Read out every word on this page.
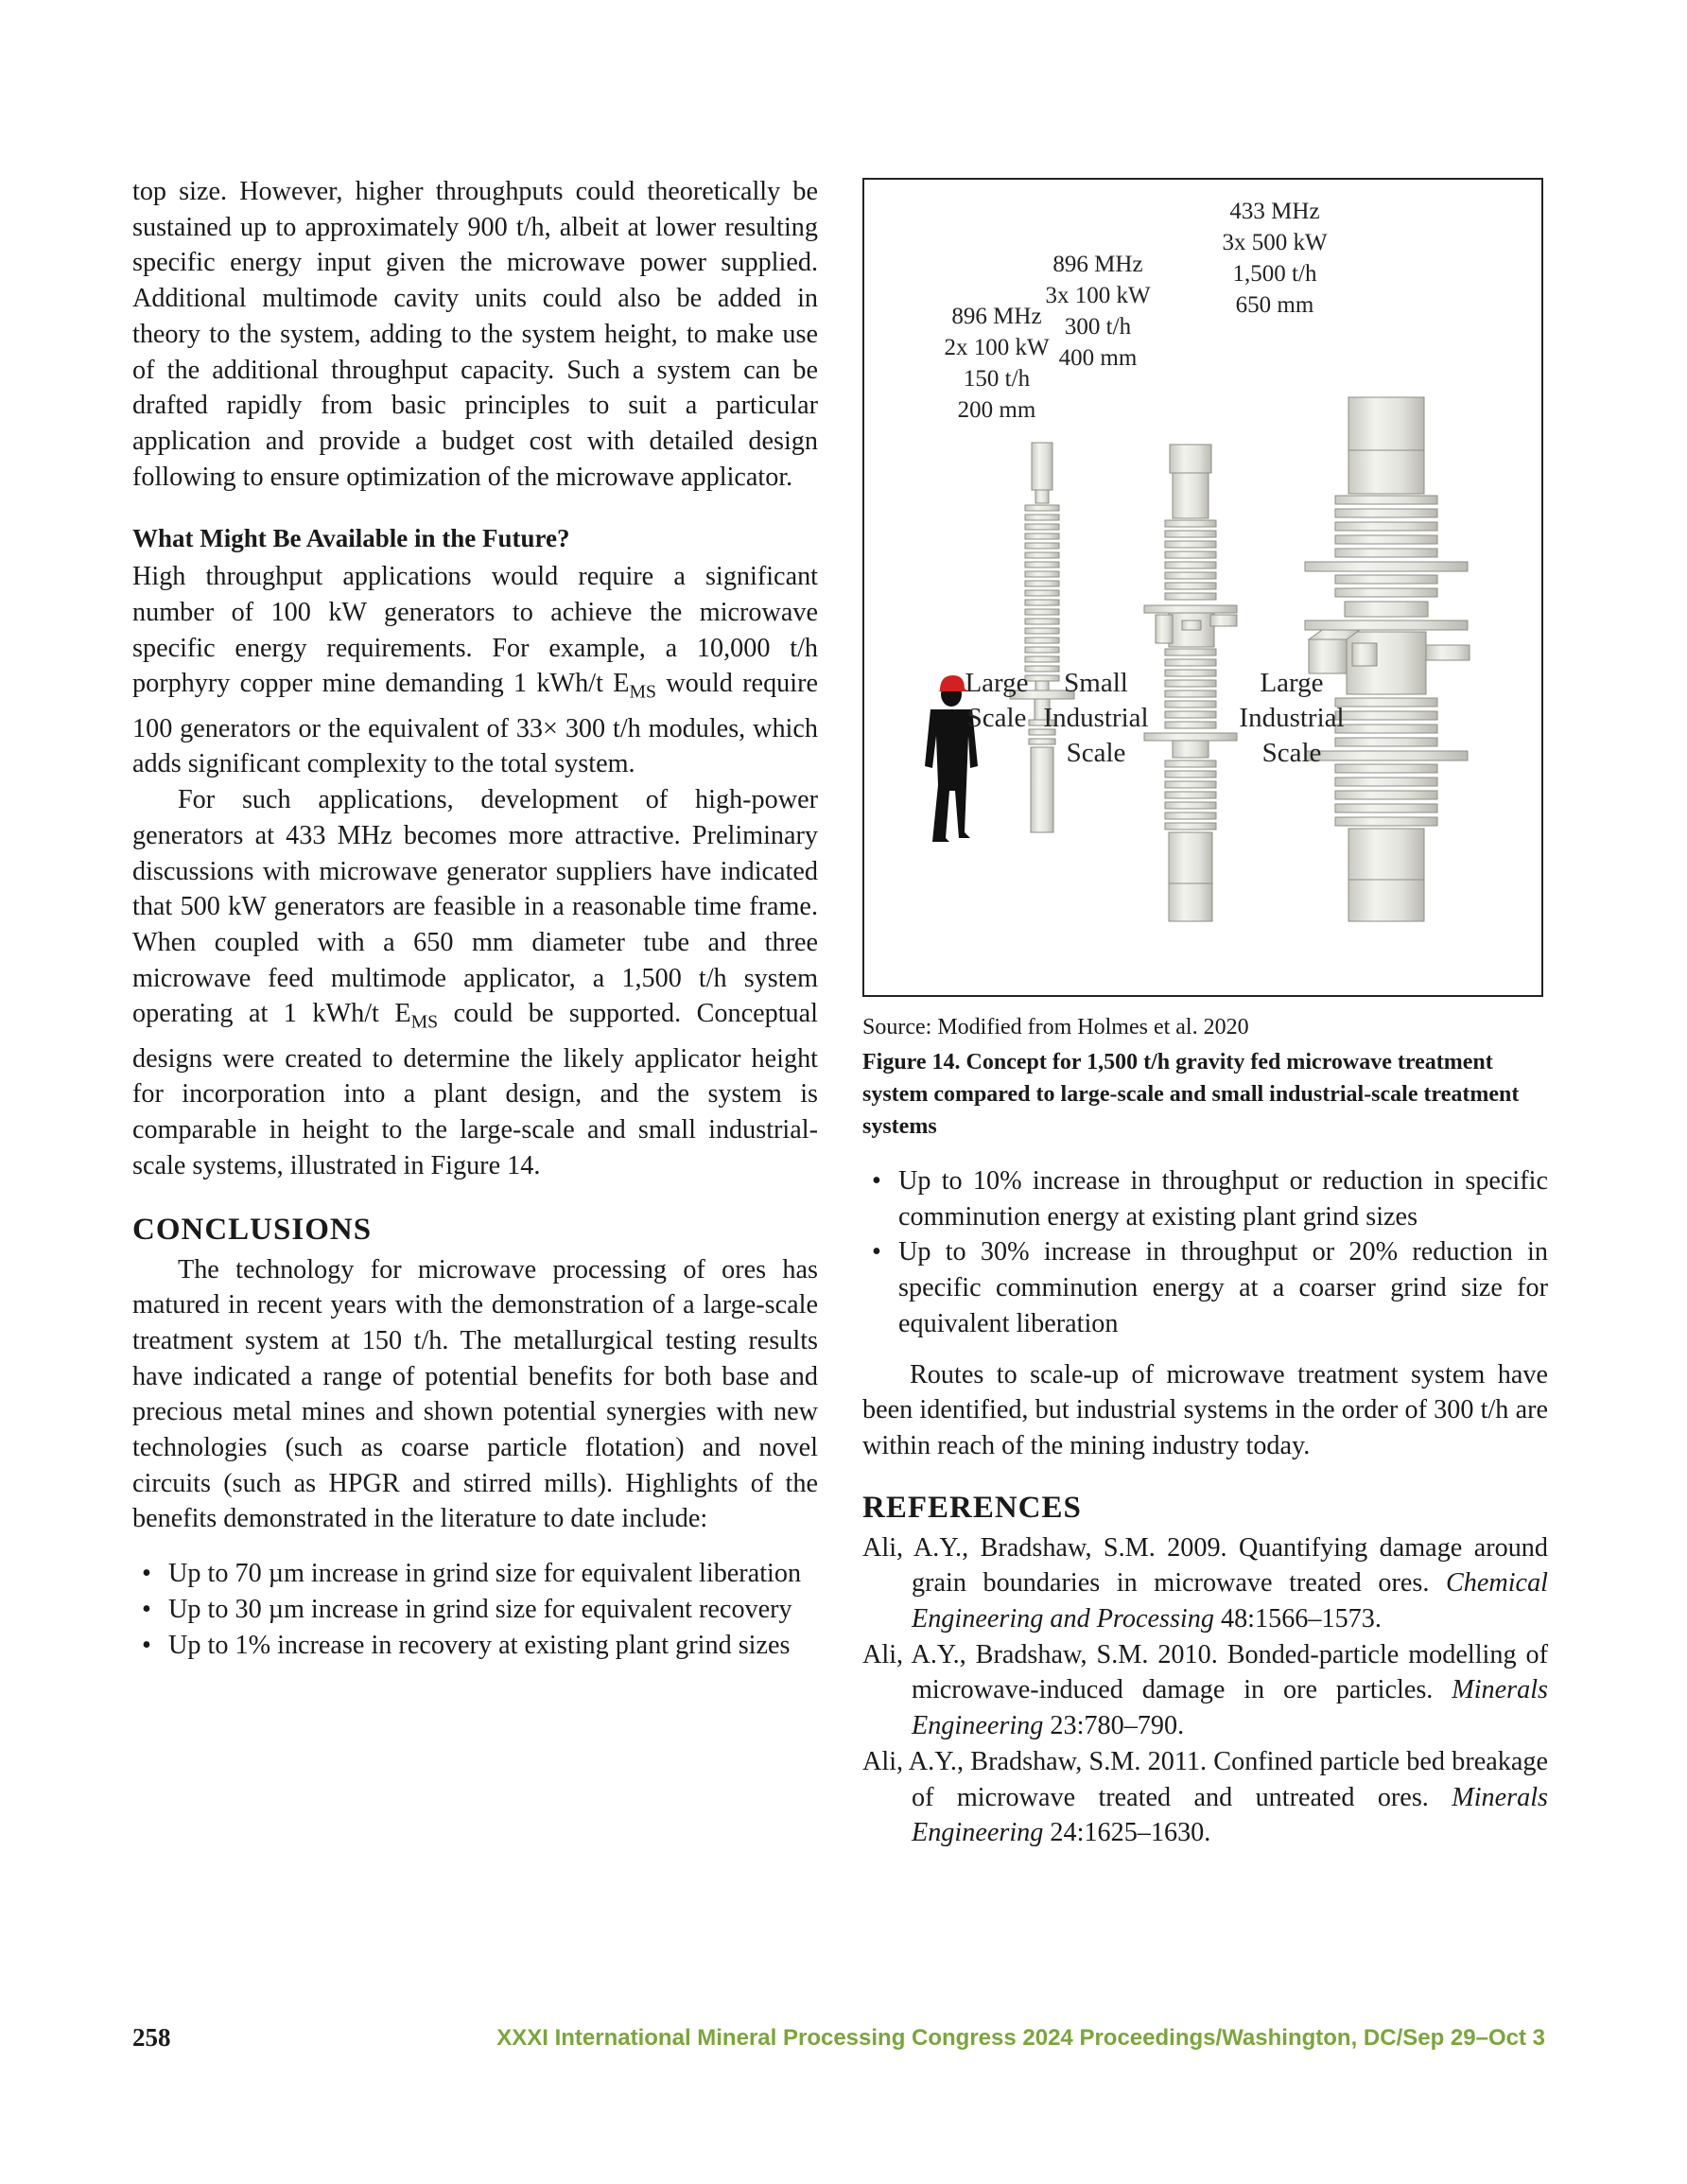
top size. However, higher throughputs could theoretically be sustained up to approximately 900 t/h, albeit at lower resulting specific energy input given the microwave power supplied. Additional multimode cavity units could also be added in theory to the system, adding to the system height, to make use of the additional throughput capacity. Such a system can be drafted rapidly from basic principles to suit a particular application and provide a budget cost with detailed design following to ensure optimization of the microwave applicator.

What Might Be Available in the Future?

High throughput applications would require a significant number of 100 kW generators to achieve the microwave specific energy requirements. For example, a 10,000 t/h porphyry copper mine demanding 1 kWh/t $E_{MS}$ would require 100 generators or the equivalent of 33× 300 t/h modules, which adds significant complexity to the total system.

For such applications, development of high-power generators at 433 MHz becomes more attractive. Preliminary discussions with microwave generator suppliers have indicated that 500 kW generators are feasible in a reasonable time frame. When coupled with a 650 mm diameter tube and three microwave feed multimode applicator, a 1,500 t/h system operating at 1 kWh/t $E_{MS}$ could be supported. Conceptual designs were created to determine the likely applicator height for incorporation into a plant design, and the system is comparable in height to the large-scale and small industrial-scale systems, illustrated in Figure 14.

CONCLUSIONS

The technology for microwave processing of ores has matured in recent years with the demonstration of a large-scale treatment system at 150 t/h. The metallurgical testing results have indicated a range of potential benefits for both base and precious metal mines and shown potential synergies with new technologies (such as coarse particle flotation) and novel circuits (such as HPGR and stirred mills). Highlights of the benefits demonstrated in the literature to date include:

• Up to 70 µm increase in grind size for equivalent liberation
• Up to 30 µm increase in grind size for equivalent recovery
• Up to 1% increase in recovery at existing plant grind sizes
896 MHz
2x 100 kW
150 t/h
200 mm
896 MHz
3x 100 kW
300 t/h
400 mm
433 MHz
3x 500 kW
1,500 t/h
650 mm
Large
Scale
Small
Industrial
Scale
Large
Industrial
Scale
Source: Modified from Holmes et al. 2020
Figure 14. Concept for 1,500 t/h gravity fed microwave treatment system compared to large-scale and small industrial-scale treatment systems
• Up to 10% increase in throughput or reduction in specific comminution energy at existing plant grind sizes
• Up to 30% increase in throughput or 20% reduction in specific comminution energy at a coarser grind size for equivalent liberation

Routes to scale-up of microwave treatment system have been identified, but industrial systems in the order of 300 t/h are within reach of the mining industry today.

REFERENCES

Ali, A.Y., Bradshaw, S.M. 2009. Quantifying damage around grain boundaries in microwave treated ores. Chemical Engineering and Processing 48:1566–1573.

Ali, A.Y., Bradshaw, S.M. 2010. Bonded-particle modelling of microwave-induced damage in ore particles. Minerals Engineering 23:780–790.

Ali, A.Y., Bradshaw, S.M. 2011. Confined particle bed breakage of microwave treated and untreated ores. Minerals Engineering 24:1625–1630.

258	XXXI International Mineral Processing Congress 2024 Proceedings/Washington, DC/Sep 29–Oct 3
